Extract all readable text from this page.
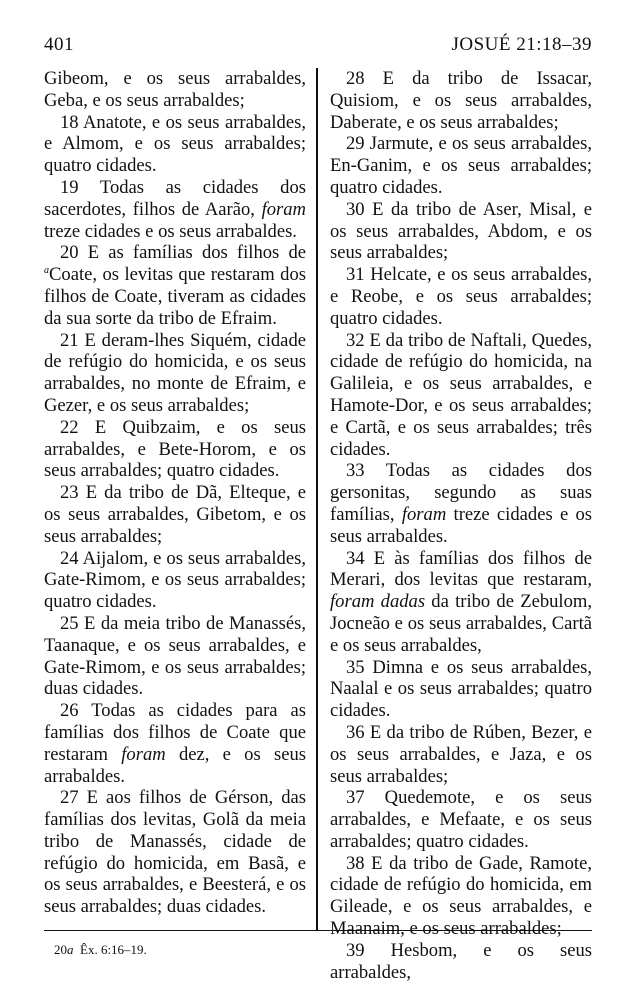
401	JOSUÉ 21:18–39

Gibeom, e os seus arrabaldes, Geba, e os seus arrabaldes;

18 Anatote, e os seus arrabaldes, e Almom, e os seus arrabaldes; quatro cidades.

19 Todas as cidades dos sacerdotes, filhos de Aarão, foram treze cidades e os seus arrabaldes.

20 E as famílias dos filhos de $^a$Coate, os levitas que restaram dos filhos de Coate, tiveram as cidades da sua sorte da tribo de Efraim.

21 E deram-lhes Siquém, cidade de refúgio do homicida, e os seus arrabaldes, no monte de Efraim, e Gezer, e os seus arrabaldes;

22 E Quibzaim, e os seus arrabaldes, e Bete-Horom, e os seus arrabaldes; quatro cidades.

23 E da tribo de Dã, Elteque, e os seus arrabaldes, Gibetom, e os seus arrabaldes;

24 Aijalom, e os seus arrabaldes, Gate-Rimom, e os seus arrabaldes; quatro cidades.

25 E da meia tribo de Manassés, Taanaque, e os seus arrabaldes, e Gate-Rimom, e os seus arrabaldes; duas cidades.

26 Todas as cidades para as famílias dos filhos de Coate que restaram foram dez, e os seus arrabaldes.

27 E aos filhos de Gérson, das famílias dos levitas, Golã da meia tribo de Manassés, cidade de refúgio do homicida, em Basã, e os seus arrabaldes, e Beesterá, e os seus arrabaldes; duas cidades.

28 E da tribo de Issacar, Quisiom, e os seus arrabaldes, Daberate, e os seus arrabaldes;

29 Jarmute, e os seus arrabaldes, En-Ganim, e os seus arrabaldes; quatro cidades.

30 E da tribo de Aser, Misal, e os seus arrabaldes, Abdom, e os seus arrabaldes;

31 Helcate, e os seus arrabaldes, e Reobe, e os seus arrabaldes; quatro cidades.

32 E da tribo de Naftali, Quedes, cidade de refúgio do homicida, na Galileia, e os seus arrabaldes, e Hamote-Dor, e os seus arrabaldes; e Cartã, e os seus arrabaldes; três cidades.

33 Todas as cidades dos gersonitas, segundo as suas famílias, foram treze cidades e os seus arrabaldes.

34 E às famílias dos filhos de Merari, dos levitas que restaram, foram dadas da tribo de Zebulom, Jocneão e os seus arrabaldes, Cartã e os seus arrabaldes,

35 Dimna e os seus arrabaldes, Naalal e os seus arrabaldes; quatro cidades.

36 E da tribo de Rúben, Bezer, e os seus arrabaldes, e Jaza, e os seus arrabaldes;

37 Quedemote, e os seus arrabaldes, e Mefaate, e os seus arrabaldes; quatro cidades.

38 E da tribo de Gade, Ramote, cidade de refúgio do homicida, em Gileade, e os seus arrabaldes, e Maanaim, e os seus arrabaldes;

39 Hesbom, e os seus arrabaldes,

20a Êx. 6:16–19.
